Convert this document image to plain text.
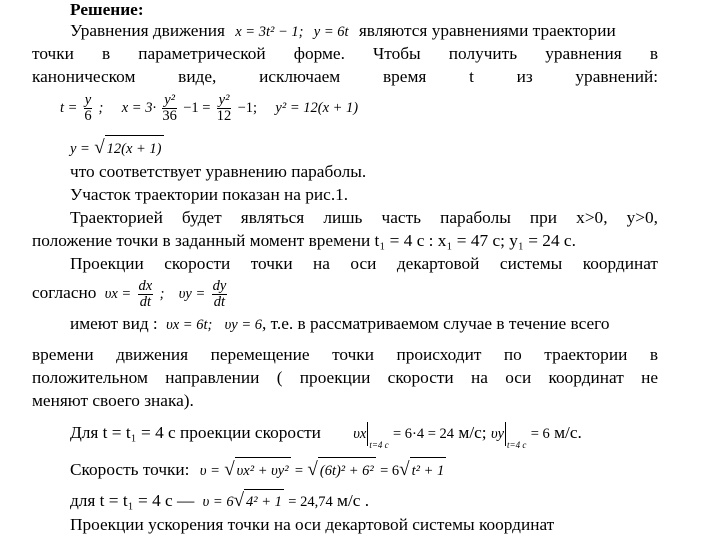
Решение:
Уравнения движения x = 3t² − 1; y = 6t являются уравнениями траектории
точки в параметрической форме. Чтобы получить уравнения в
каноническом виде, исключаем время t из уравнений:
$t = \frac{y}{6}$ ; $x = 3\cdot \frac{\text{y²}}{36} -1 = \frac{\text{y²}}{12} -1$; y² = 12(x + 1)
y = √ 12(x + 1)
что соответствует уравнению параболы.
Участок траектории показан на рис.1.
Траекторией будет являться лишь часть параболы при x>0, y>0,
положение точки в заданный момент времени t₁ = 4 с : x₁ = 47 с; y₁ = 24 с.
Проекции скорости точки на оси декартовой системы координат
согласно $\upsilon x = \frac{dx}{dt}$ ; $\upsilon y = \frac{dy}{dt}$
имеют вид : υx = 6t; υy = 6, т.е. в рассматриваемом случае в течение всего
времени движения перемещение точки происходит по траектории в
положительном направлении ( проекции скорости на оси координат не
меняют своего знака).
Для t = t₁ = 4 с проекции скорости $\upsilon x_{t=4 c} = 6\cdot 4 = 24$ м/с; $\upsilon y_{t=4 c} = 6$ м/с.
Скорость точки: υ = √ υx² + υy² = √ (6t)² + 6² = 6√ t² + 1
для t = t₁ = 4 с — υ = 6√ 4² + 1 = 24,74 м/с .
Проекции ускорения точки на оси декартовой системы координат
